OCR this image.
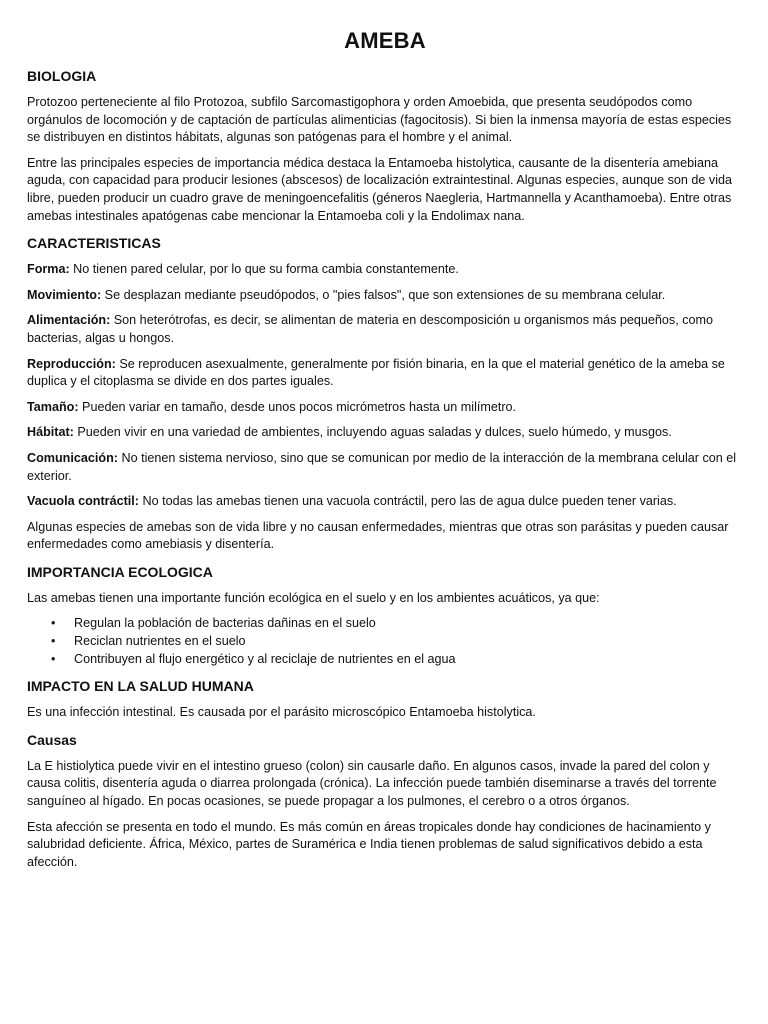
AMEBA
BIOLOGIA

Protozoo perteneciente al filo Protozoa, subfilo Sarcomastigophora y orden Amoebida, que presenta seudópodos como orgánulos de locomoción y de captación de partículas alimenticias (fagocitosis). Si bien la inmensa mayoría de estas especies se distribuyen en distintos hábitats, algunas son patógenas para el hombre y el animal.

Entre las principales especies de importancia médica destaca la Entamoeba histolytica, causante de la disentería amebiana aguda, con capacidad para producir lesiones (abscesos) de localización extraintestinal. Algunas especies, aunque son de vida libre, pueden producir un cuadro grave de meningoencefalitis (géneros Naegleria, Hartmannella y Acanthamoeba). Entre otras amebas intestinales apatógenas cabe mencionar la Entamoeba coli y la Endolimax nana.

CARACTERISTICAS

Forma: No tienen pared celular, por lo que su forma cambia constantemente.

Movimiento: Se desplazan mediante pseudópodos, o "pies falsos", que son extensiones de su membrana celular.

Alimentación: Son heterótrofas, es decir, se alimentan de materia en descomposición u organismos más pequeños, como bacterias, algas u hongos.

Reproducción: Se reproducen asexualmente, generalmente por fisión binaria, en la que el material genético de la ameba se duplica y el citoplasma se divide en dos partes iguales.

Tamaño: Pueden variar en tamaño, desde unos pocos micrómetros hasta un milímetro.

Hábitat: Pueden vivir en una variedad de ambientes, incluyendo aguas saladas y dulces, suelo húmedo, y musgos.

Comunicación: No tienen sistema nervioso, sino que se comunican por medio de la interacción de la membrana celular con el exterior.

Vacuola contráctil: No todas las amebas tienen una vacuola contráctil, pero las de agua dulce pueden tener varias.

Algunas especies de amebas son de vida libre y no causan enfermedades, mientras que otras son parásitas y pueden causar enfermedades como amebiasis y disentería.

IMPORTANCIA ECOLOGICA

Las amebas tienen una importante función ecológica en el suelo y en los ambientes acuáticos, ya que:

• Regulan la población de bacterias dañinas en el suelo
• Reciclan nutrientes en el suelo
• Contribuyen al flujo energético y al reciclaje de nutrientes en el agua
IMPACTO EN LA SALUD HUMANA

Es una infección intestinal. Es causada por el parásito microscópico Entamoeba histolytica.

Causas

La E histiolytica puede vivir en el intestino grueso (colon) sin causarle daño. En algunos casos, invade la pared del colon y causa colitis, disentería aguda o diarrea prolongada (crónica). La infección puede también diseminarse a través del torrente sanguíneo al hígado. En pocas ocasiones, se puede propagar a los pulmones, el cerebro o a otros órganos.

Esta afección se presenta en todo el mundo. Es más común en áreas tropicales donde hay condiciones de hacinamiento y salubridad deficiente. África, México, partes de Suramérica e India tienen problemas de salud significativos debido a esta afección.
